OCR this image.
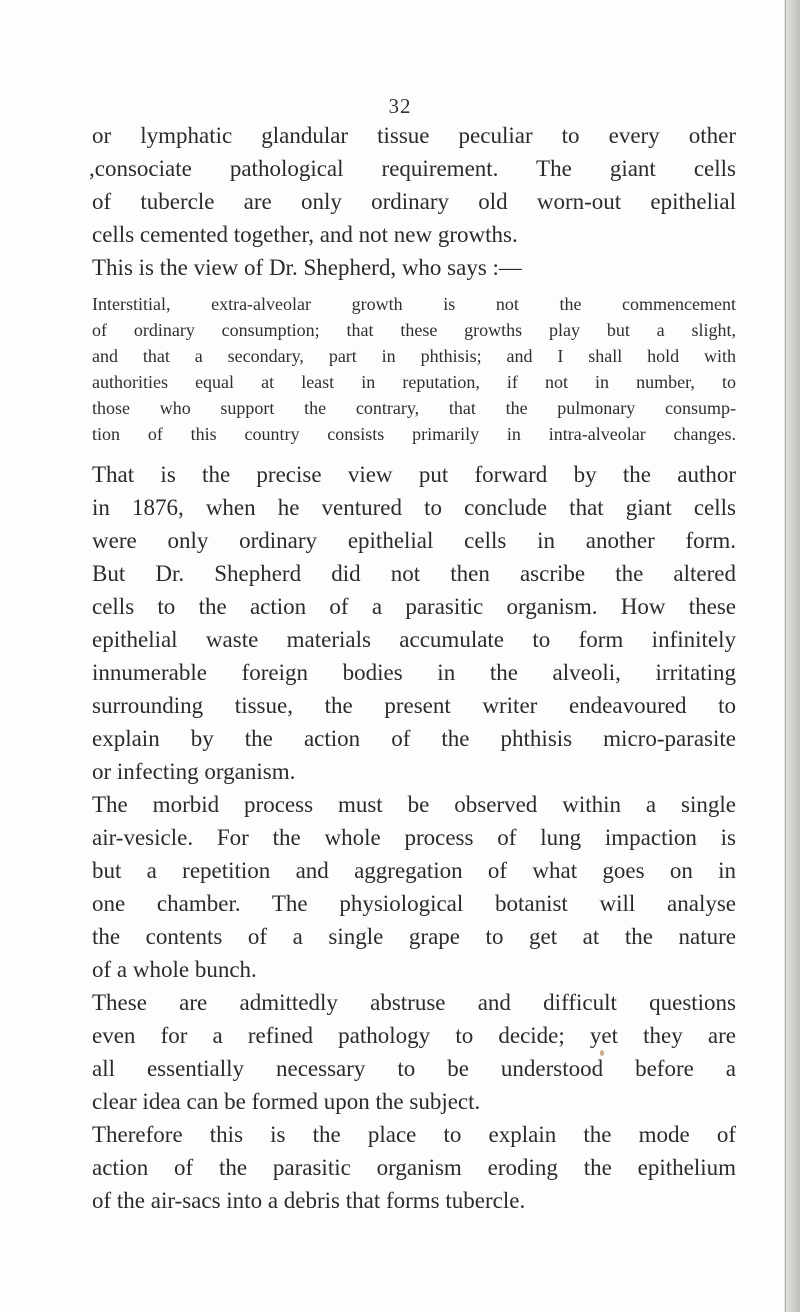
32
or lymphatic glandular tissue peculiar to every other
,consociate pathological requirement. The giant cells
of tubercle are only ordinary old worn-out epithelial
cells cemented together, and not new growths.
This is the view of Dr. Shepherd, who says :—
Interstitial, extra-alveolar growth is not the commencement
of ordinary consumption; that these growths play but a slight,
and that a secondary, part in phthisis; and I shall hold with
authorities equal at least in reputation, if not in number, to
those who support the contrary, that the pulmonary consump-
tion of this country consists primarily in intra-alveolar changes.
That is the precise view put forward by the author
in 1876, when he ventured to conclude that giant cells
were only ordinary epithelial cells in another form.
But Dr. Shepherd did not then ascribe the altered
cells to the action of a parasitic organism. How these
epithelial waste materials accumulate to form infinitely
innumerable foreign bodies in the alveoli, irritating
surrounding tissue, the present writer endeavoured to
explain by the action of the phthisis micro-parasite
or infecting organism.
The morbid process must be observed within a single
air-vesicle. For the whole process of lung impaction is
but a repetition and aggregation of what goes on in
one chamber. The physiological botanist will analyse
the contents of a single grape to get at the nature
of a whole bunch.
These are admittedly abstruse and difficult questions
even for a refined pathology to decide; yet they are
all essentially necessary to be understood before a
clear idea can be formed upon the subject.
Therefore this is the place to explain the mode of
action of the parasitic organism eroding the epithelium
of the air-sacs into a debris that forms tubercle.
